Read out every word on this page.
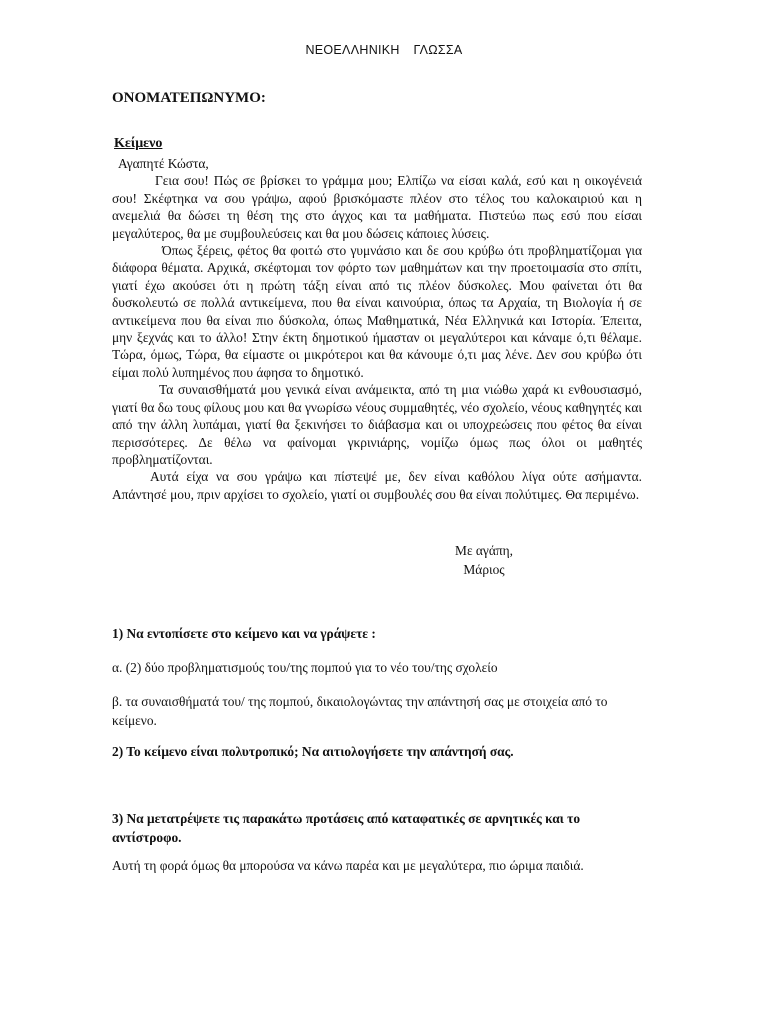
ΝΕΟΕΛΛΗΝΙΚΗ ΓΛΩΣΣΑ
ΟΝΟΜΑΤΕΠΩΝΥΜΟ:
Κείμενο

Αγαπητέ Κώστα,

Γεια σου! Πώς σε βρίσκει το γράμμα μου; Ελπίζω να είσαι καλά, εσύ και η οικογένειά σου! Σκέφτηκα να σου γράψω, αφού βρισκόμαστε πλέον στο τέλος του καλοκαιριού και η ανεμελιά θα δώσει τη θέση της στο άγχος και τα μαθήματα. Πιστεύω πως εσύ που είσαι μεγαλύτερος, θα με συμβουλεύσεις και θα μου δώσεις κάποιες λύσεις.

Όπως ξέρεις, φέτος θα φοιτώ στο γυμνάσιο και δε σου κρύβω ότι προβληματίζομαι για διάφορα θέματα. Αρχικά, σκέφτομαι τον φόρτο των μαθημάτων και την προετοιμασία στο σπίτι, γιατί έχω ακούσει ότι η πρώτη τάξη είναι από τις πλέον δύσκολες. Μου φαίνεται ότι θα δυσκολευτώ σε πολλά αντικείμενα, που θα είναι καινούρια, όπως τα Αρχαία, τη Βιολογία ή σε αντικείμενα που θα είναι πιο δύσκολα, όπως Μαθηματικά, Νέα Ελληνικά και Ιστορία. Έπειτα, μην ξεχνάς και το άλλο! Στην έκτη δημοτικού ήμασταν οι μεγαλύτεροι και κάναμε ό,τι θέλαμε. Τώρα, όμως, Τώρα, θα είμαστε οι μικρότεροι και θα κάνουμε ό,τι μας λένε. Δεν σου κρύβω ότι είμαι πολύ λυπημένος που άφησα το δημοτικό.

Τα συναισθήματά μου γενικά είναι ανάμεικτα, από τη μια νιώθω χαρά κι ενθουσιασμό, γιατί θα δω τους φίλους μου και θα γνωρίσω νέους συμμαθητές, νέο σχολείο, νέους καθηγητές και από την άλλη λυπάμαι, γιατί θα ξεκινήσει το διάβασμα και οι υποχρεώσεις που φέτος θα είναι περισσότερες. Δε θέλω να φαίνομαι γκρινιάρης, νομίζω όμως πως όλοι οι μαθητές προβληματίζονται.

Αυτά είχα να σου γράψω και πίστεψέ με, δεν είναι καθόλου λίγα ούτε ασήμαντα. Απάντησέ μου, πριν αρχίσει το σχολείο, γιατί οι συμβουλές σου θα είναι πολύτιμες. Θα περιμένω.

Με αγάπη,
Μάριος
1) Να εντοπίσετε στο κείμενο και να γράψετε :
α. (2) δύο προβληματισμούς του/της πομπού για το νέο του/της σχολείο
β. τα συναισθήματά του/ της πομπού, δικαιολογώντας την απάντησή σας με στοιχεία από το κείμενο.
2) Το κείμενο είναι πολυτροπικό; Να αιτιολογήσετε την απάντησή σας.
3) Να μετατρέψετε τις παρακάτω προτάσεις από καταφατικές σε αρνητικές και το αντίστροφο.
Αυτή τη φορά όμως θα μπορούσα να κάνω παρέα και με μεγαλύτερα, πιο ώριμα παιδιά.
